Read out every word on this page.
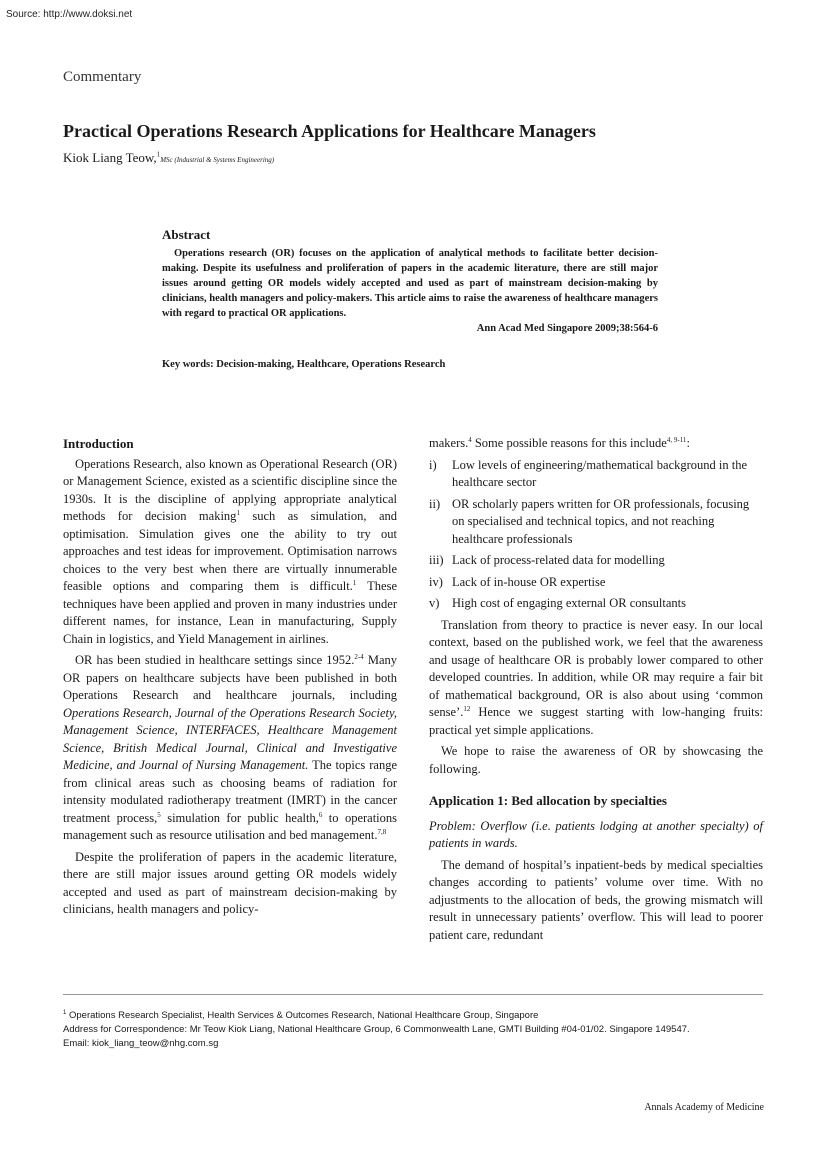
Source: http://www.doksi.net
Commentary
Practical Operations Research Applications for Healthcare Managers
Kiok Liang Teow,$^1$MSc (Industrial & Systems Engineering)
Abstract

Operations research (OR) focuses on the application of analytical methods to facilitate better decision-making. Despite its usefulness and proliferation of papers in the academic literature, there are still major issues around getting OR models widely accepted and used as part of mainstream decision-making by clinicians, health managers and policy-makers. This article aims to raise the awareness of healthcare managers with regard to practical OR applications.

Ann Acad Med Singapore 2009;38:564-6
Key words: Decision-making, Healthcare, Operations Research
Introduction

Operations Research, also known as Operational Research (OR) or Management Science, existed as a scientific discipline since the 1930s. It is the discipline of applying appropriate analytical methods for decision making$^1$ such as simulation, and optimisation. Simulation gives one the ability to try out approaches and test ideas for improvement. Optimisation narrows choices to the very best when there are virtually innumerable feasible options and comparing them is difficult.$^1$ These techniques have been applied and proven in many industries under different names, for instance, Lean in manufacturing, Supply Chain in logistics, and Yield Management in airlines.

OR has been studied in healthcare settings since 1952.$^{2-4}$ Many OR papers on healthcare subjects have been published in both Operations Research and healthcare journals, including Operations Research, Journal of the Operations Research Society, Management Science, INTERFACES, Healthcare Management Science, British Medical Journal, Clinical and Investigative Medicine, and Journal of Nursing Management. The topics range from clinical areas such as choosing beams of radiation for intensity modulated radiotherapy treatment (IMRT) in the cancer treatment process,$^5$ simulation for public health,$^6$ to operations management such as resource utilisation and bed management.$^{7,8}$

Despite the proliferation of papers in the academic literature, there are still major issues around getting OR models widely accepted and used as part of mainstream decision-making by clinicians, health managers and policy-

makers.$^4$ Some possible reasons for this include$^{4, 9-11}$:

i)	Low levels of engineering/mathematical background in the healthcare sector
ii) OR scholarly papers written for OR professionals, focusing on specialised and technical topics, and not reaching healthcare professionals
iii) Lack of process-related data for modelling
iv) Lack of in-house OR expertise
v)	High cost of engaging external OR consultants

Translation from theory to practice is never easy. In our local context, based on the published work, we feel that the awareness and usage of healthcare OR is probably lower compared to other developed countries. In addition, while OR may require a fair bit of mathematical background, OR is also about using ‘common sense’.$^{12}$ Hence we suggest starting with low-hanging fruits: practical yet simple applications.

We hope to raise the awareness of OR by showcasing the following.

Application 1: Bed allocation by specialties

Problem: Overflow (i.e. patients lodging at another specialty) of patients in wards.

The demand of hospital’s inpatient-beds by medical specialties changes according to patients’ volume over time. With no adjustments to the allocation of beds, the growing mismatch will result in unnecessary patients’ overflow. This will lead to poorer patient care, redundant

$^1$ Operations Research Specialist, Health Services & Outcomes Research, National Healthcare Group, Singapore

Address for Correspondence: Mr Teow Kiok Liang, National Healthcare Group, 6 Commonwealth Lane, GMTI Building #04-01/02. Singapore 149547.

Email: kiok_liang_teow@nhg.com.sg

Annals Academy of Medicine
